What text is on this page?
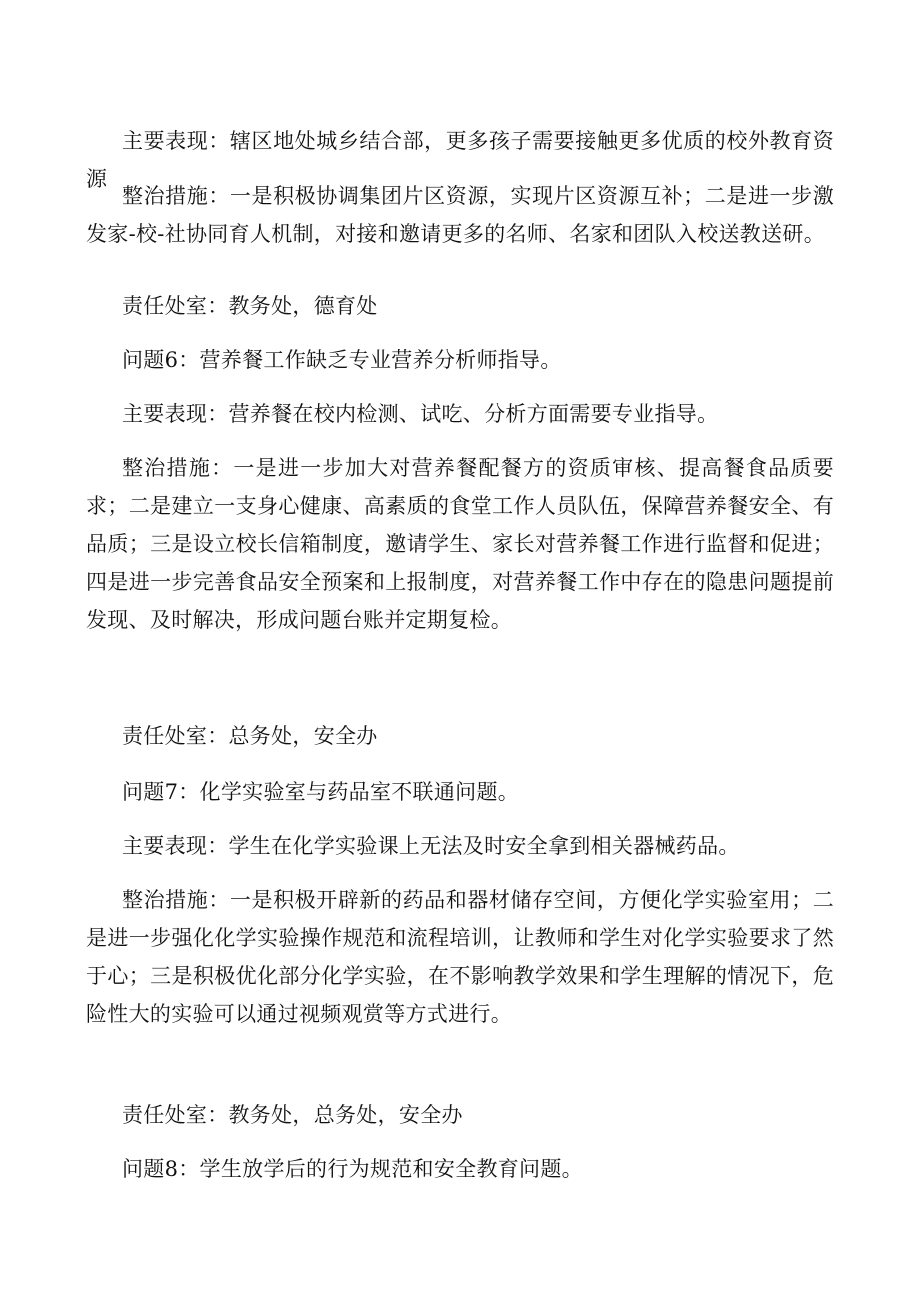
主要表现：辖区地处城乡结合部，更多孩子需要接触更多优质的校外教育资源

整治措施：一是积极协调集团片区资源，实现片区资源互补；二是进一步激发家-校-社协同育人机制，对接和邀请更多的名师、名家和团队入校送教送研。

责任处室：教务处，德育处

问题6：营养餐工作缺乏专业营养分析师指导。

主要表现：营养餐在校内检测、试吃、分析方面需要专业指导。

整治措施：一是进一步加大对营养餐配餐方的资质审核、提高餐食品质要求；二是建立一支身心健康、高素质的食堂工作人员队伍，保障营养餐安全、有品质；三是设立校长信箱制度，邀请学生、家长对营养餐工作进行监督和促进；四是进一步完善食品安全预案和上报制度，对营养餐工作中存在的隐患问题提前发现、及时解决，形成问题台账并定期复检。

责任处室：总务处，安全办

问题7：化学实验室与药品室不联通问题。

主要表现：学生在化学实验课上无法及时安全拿到相关器械药品。

整治措施：一是积极开辟新的药品和器材储存空间，方便化学实验室用；二是进一步强化化学实验操作规范和流程培训，让教师和学生对化学实验要求了然于心；三是积极优化部分化学实验，在不影响教学效果和学生理解的情况下，危险性大的实验可以通过视频观赏等方式进行。

责任处室：教务处，总务处，安全办

问题8：学生放学后的行为规范和安全教育问题。
